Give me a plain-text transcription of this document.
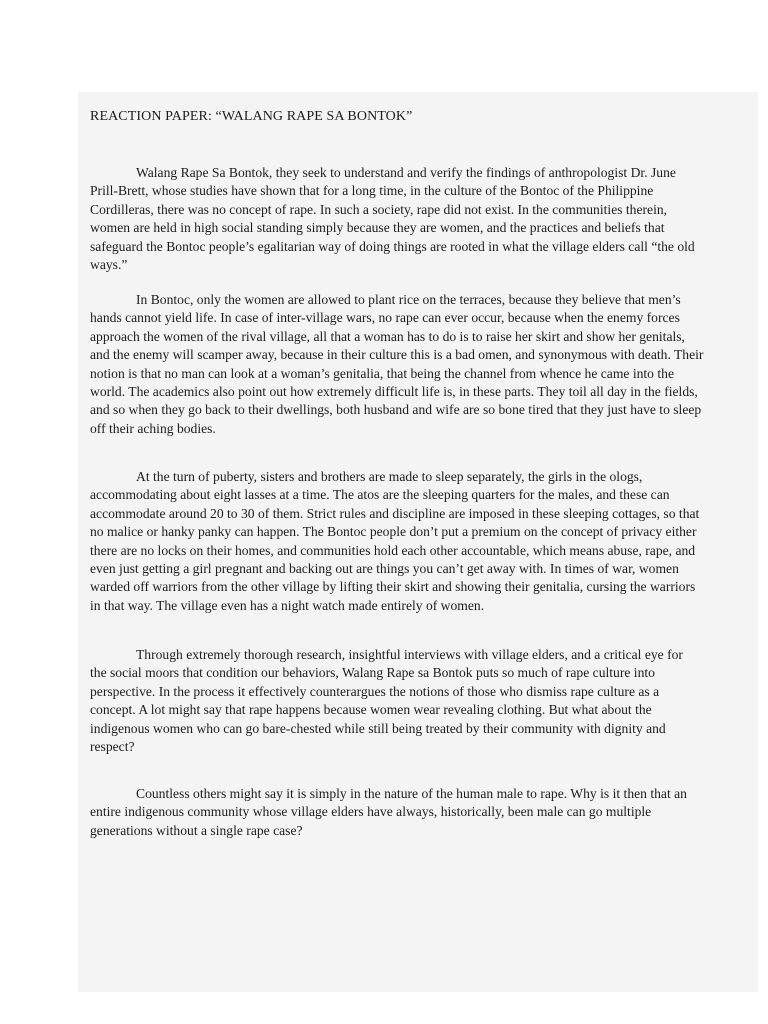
REACTION PAPER: “WALANG RAPE SA BONTOK”

Walang Rape Sa Bontok, they seek to understand and verify the findings of anthropologist Dr. June Prill-Brett, whose studies have shown that for a long time, in the culture of the Bontoc of the Philippine Cordilleras, there was no concept of rape. In such a society, rape did not exist. In the communities therein, women are held in high social standing simply because they are women, and the practices and beliefs that safeguard the Bontoc people’s egalitarian way of doing things are rooted in what the village elders call “the old ways.”

In Bontoc, only the women are allowed to plant rice on the terraces, because they believe that men’s hands cannot yield life. In case of inter-village wars, no rape can ever occur, because when the enemy forces approach the women of the rival village, all that a woman has to do is to raise her skirt and show her genitals, and the enemy will scamper away, because in their culture this is a bad omen, and synonymous with death. Their notion is that no man can look at a woman’s genitalia, that being the channel from whence he came into the world. The academics also point out how extremely difficult life is, in these parts. They toil all day in the fields, and so when they go back to their dwellings, both husband and wife are so bone tired that they just have to sleep off their aching bodies.

At the turn of puberty, sisters and brothers are made to sleep separately, the girls in the ologs, accommodating about eight lasses at a time. The atos are the sleeping quarters for the males, and these can accommodate around 20 to 30 of them. Strict rules and discipline are imposed in these sleeping cottages, so that no malice or hanky panky can happen. The Bontoc people don’t put a premium on the concept of privacy either there are no locks on their homes, and communities hold each other accountable, which means abuse, rape, and even just getting a girl pregnant and backing out are things you can’t get away with. In times of war, women warded off warriors from the other village by lifting their skirt and showing their genitalia, cursing the warriors in that way. The village even has a night watch made entirely of women.

Through extremely thorough research, insightful interviews with village elders, and a critical eye for the social moors that condition our behaviors, Walang Rape sa Bontok puts so much of rape culture into perspective. In the process it effectively counterargues the notions of those who dismiss rape culture as a concept. A lot might say that rape happens because women wear revealing clothing. But what about the indigenous women who can go bare-chested while still being treated by their community with dignity and respect?

Countless others might say it is simply in the nature of the human male to rape. Why is it then that an entire indigenous community whose village elders have always, historically, been male can go multiple generations without a single rape case?
